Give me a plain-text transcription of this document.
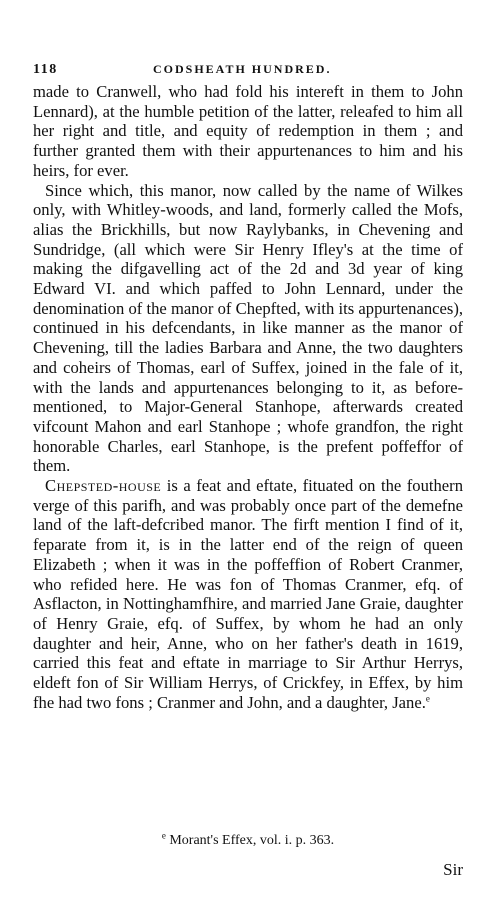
118	CODSHEATH HUNDRED.

made to Cranwell, who had fold his intereft in them to John Lennard), at the humble petition of the latter, releafed to him all her right and title, and equity of redemption in them ; and further granted them with their appurtenances to him and his heirs, for ever.

Since which, this manor, now called by the name of Wilkes only, with Whitley-woods, and land, formerly called the Mofs, alias the Brickhills, but now Raylybanks, in Chevening and Sundridge, (all which were Sir Henry Ifley's at the time of making the difgavelling act of the 2d and 3d year of king Edward VI. and which paffed to John Lennard, under the denomination of the manor of Chepfted, with its appurtenances), continued in his defcendants, in like manner as the manor of Chevening, till the ladies Barbara and Anne, the two daughters and coheirs of Thomas, earl of Suffex, joined in the fale of it, with the lands and appurtenances belonging to it, as before-mentioned, to Major-General Stanhope, afterwards created vifcount Mahon and earl Stanhope ; whofe grandfon, the right honorable Charles, earl Stanhope, is the prefent poffeffor of them.

Chepsted-house is a feat and eftate, fituated on the fouthern verge of this parifh, and was probably once part of the demefne land of the laft-defcribed manor. The firft mention I find of it, feparate from it, is in the latter end of the reign of queen Elizabeth ; when it was in the poffeffion of Robert Cranmer, who refided here. He was fon of Thomas Cranmer, efq. of Asflacton, in Nottinghamfhire, and married Jane Graie, daughter of Henry Graie, efq. of Suffex, by whom he had an only daughter and heir, Anne, who on her father's death in 1619, carried this feat and eftate in marriage to Sir Arthur Herrys, eldeft fon of Sir William Herrys, of Crickfey, in Effex, by him fhe had two fons ; Cranmer and John, and a daughter, Jane.$^e$

$^e$ Morant's Effex, vol. i. p. 363.
Sir
